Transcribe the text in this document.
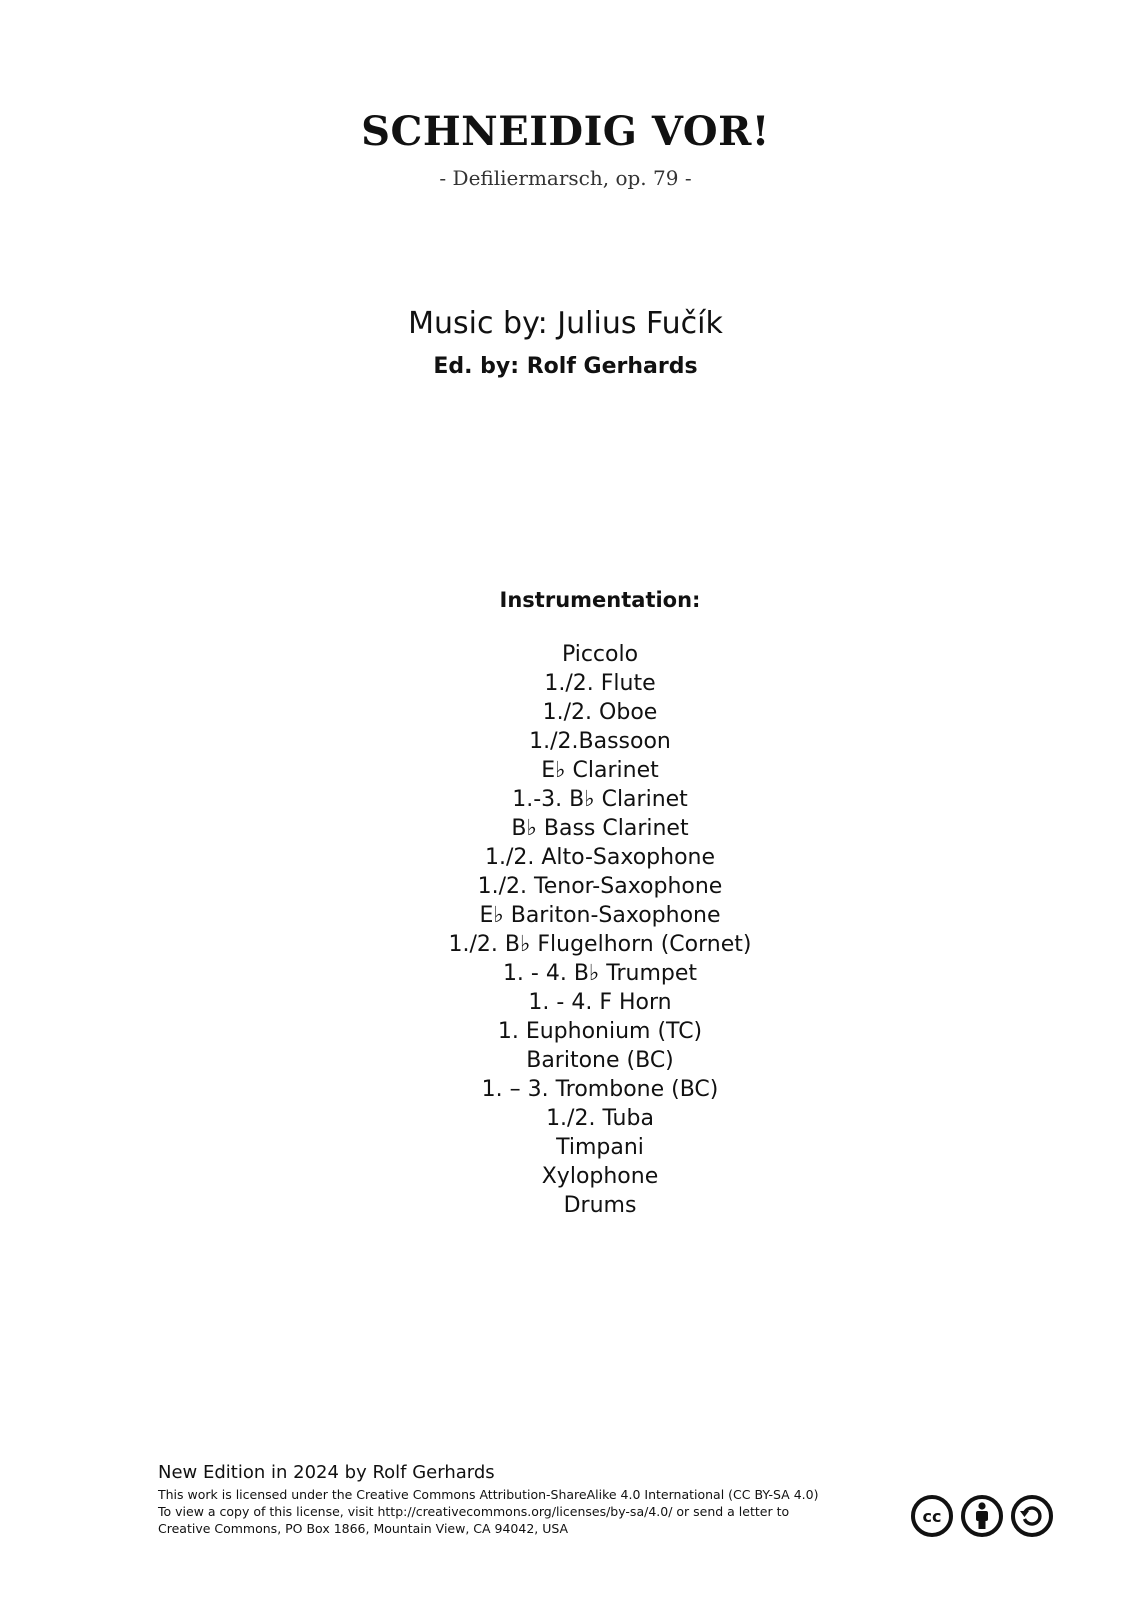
SCHNEIDIG VOR!
- Defiliermarsch, op. 79 -
Music by: Julius Fučík
Ed. by: Rolf Gerhards
Instrumentation:
Piccolo
1./2. Flute
1./2. Oboe
1./2.Bassoon
E♭ Clarinet
1.-3. B♭ Clarinet
B♭ Bass Clarinet
1./2. Alto-Saxophone
1./2. Tenor-Saxophone
E♭ Bariton-Saxophone
1./2. B♭ Flugelhorn (Cornet)
1. - 4. B♭ Trumpet
1. - 4. F Horn
1. Euphonium (TC)
Baritone (BC)
1. – 3. Trombone (BC)
1./2. Tuba
Timpani
Xylophone
Drums
New Edition in 2024 by Rolf Gerhards
This work is licensed under the Creative Commons Attribution-ShareAlike 4.0 International (CC BY-SA 4.0)
To view a copy of this license, visit http://creativecommons.org/licenses/by-sa/4.0/ or send a letter to
Creative Commons, PO Box 1866, Mountain View, CA 94042, USA
cc
